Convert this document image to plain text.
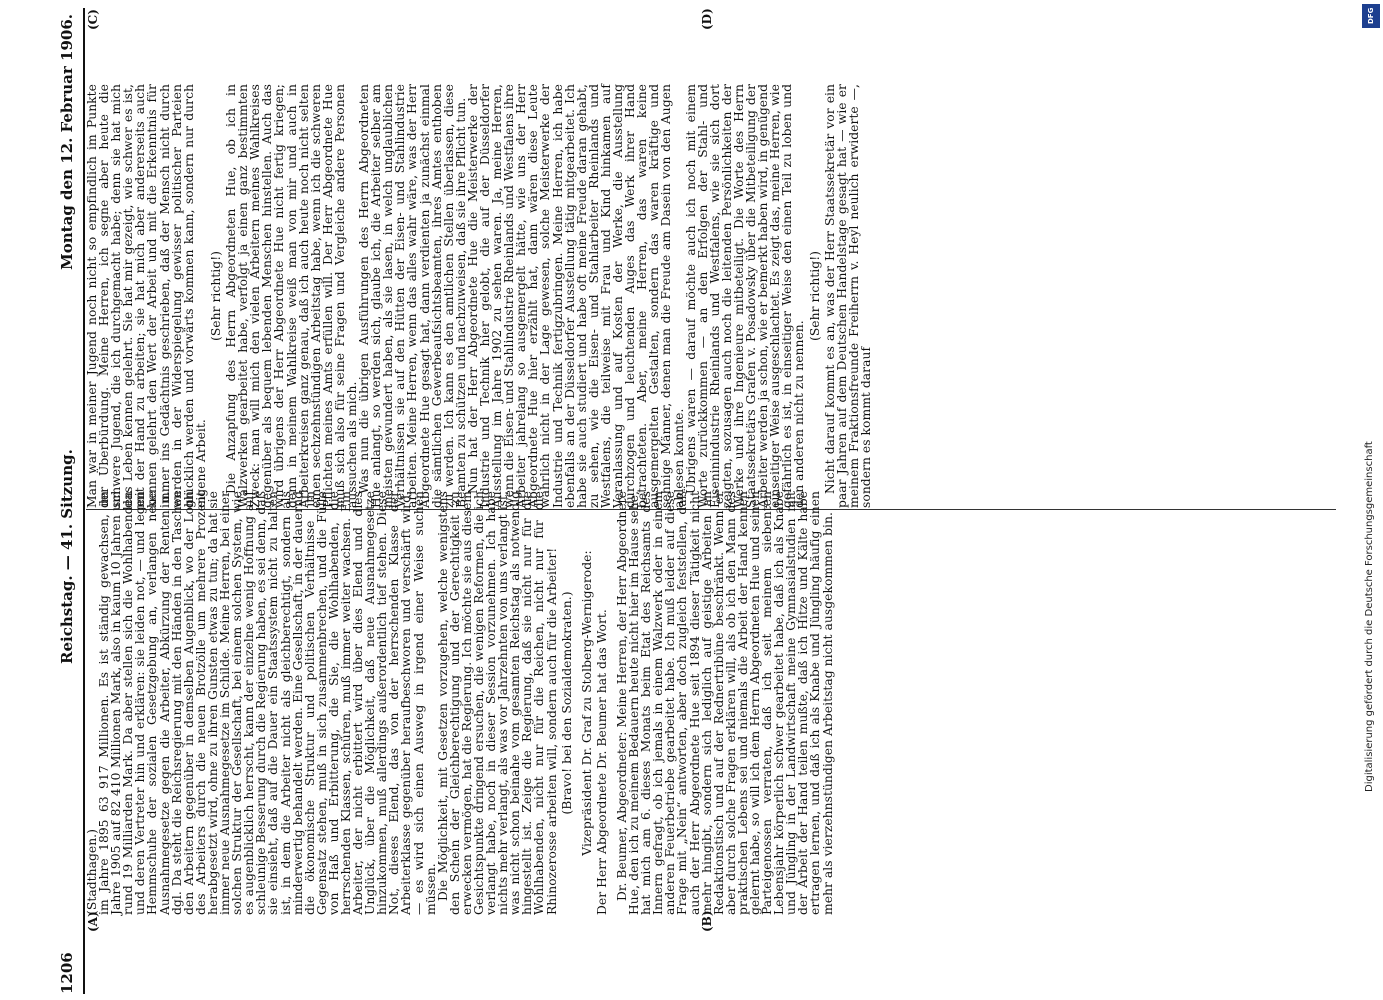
1206
Reichstag. — 41. Sitzung.
Montag den 12. Februar 1906.
(A)	(B)
(C)	(D)

(Stadthagen.)

im Jahre 1895 63 917 Millionen. Es ist ständig gewachsen, im Jahre 1905 auf 82 410 Millionen Mark, also in kaum 10 Jahren um rund 19 Milliarden Mark. Da aber stellen sich die Wohlhabenden und deren Vertreter hin und erklären: sie leiden not, — und legen Hemmschuhe der sozialen Gesetzgebung an, verlangen neue Ausnahmegesetze gegen die Arbeiter, Abkürzung der Renten u. dgl. Da steht die Reichsregierung mit den Händen in den Taschen den Arbeitern gegenüber in demselben Augenblick, wo der Lohn des Arbeiters durch die neuen Brotzölle um mehrere Prozent herabgesetzt wird, ohne zu ihren Gunsten etwas zu tun; da hat sie immer neue Ausnahmegesetze im Schilde. Meine Herren, bei einer solchen Struktur der Gesellschaft, bei einem solchen System, wie es augenblicklich herrscht, kann der einzelne wenig Hoffnung auf schleunige Besserung durch die Regierung haben, es sei denn, daß sie einsieht, daß auf die Dauer ein Staatssystem nicht zu halten ist, in dem die Arbeiter nicht als gleichberechtigt, sondern als minderwertig behandelt werden. Eine Gesellschaft, in der dauernd die ökonomische Struktur und politischen Verhältnisse im Gegensatz stehen, muß in sich zusammenbrechen, und die Fülle von Haß und Erbitterung, die Sie, die Wohlhabenden, die herrschenden Klassen, schüren, muß immer weiter wachsen. Ein Arbeiter, der nicht erbittert wird über dies Elend und dies Unglück, über die Möglichkeit, daß neue Ausnahmegesetze hinzukommen, muß allerdings außerordentlich tief stehen. Diese Not, dieses Elend, das von der herrschenden Klasse der Arbeiterklasse gegenüber heraufbeschworen und verschärft wird, — es wird sich einen Ausweg in irgend einer Weise suchen müssen.

Die Möglichkeit, mit Gesetzen vorzugehen, welche wenigstens den Schein der Gleichberechtigung und der Gerechtigkeit zu erwecken vermögen, hat die Regierung. Ich möchte sie aus diesem Gesichtspunkte dringend ersuchen, die wenigen Reformen, die ich verlangt habe, noch in dieser Session vorzunehmen. Ich habe nichts mehr verlangt, als was vor Jahrzehnten von uns verlangt ist, was nicht schon beinahe vom gesamten Reichstag als notwendig hingestellt ist. Zeige die Regierung, daß sie nicht nur für die Wohlhabenden, nicht nur für die Reichen, nicht nur für die Rhinozerosse arbeiten will, sondern auch für die Arbeiter! (Bravo! bei den Sozialdemokraten.) Vizepräsident Dr. Graf zu Stolberg-Wernigerode: Der Herr Abgeordnete Dr. Beumer hat das Wort. Dr. Beumer, Abgeordneter: Meine Herren, der Herr Abgeordnete Hue, den ich zu meinem Bedauern heute nicht hier im Hause sehe, hat mich am 6. dieses Monats beim Etat des Reichsamts des Innern gefragt, ob ich jemals in einem Walzwerk oder in einem anderen Feuerbetriebe gearbeitet habe. Ich muß leider auf diese Frage mit „Nein“ antworten, aber doch zugleich feststellen, daß auch der Herr Abgeordnete Hue seit 1894 dieser Tätigkeit nicht mehr hingibt, sondern sich lediglich auf geistige Arbeiten an Redaktionstisch und auf der Rednertribüne beschränkt. Wenn er aber durch solche Fragen erklären will, als ob ich den Mann des praktischen Lebens sei und niemals die Arbeit der Hand kennen gelernt habe, so will ich dem Herrn Abgeordneten Hue und seinen Parteigenossen verraten, daß ich seit meinem siebenten Lebensjahr körperlich schwer gearbeitet habe, daß ich als Knabe und Jüngling in der Landwirtschaft meine Gymnasialstudien mit der Arbeit der Hand teilen mußte, daß ich Hitze und Kälte habe ertragen lernen, und daß ich als Knabe und Jüngling häufig einen mehr als vierzehnstündigen Arbeitstag nicht ausgekommen bin.

Man war in meiner Jugend noch nicht so empfindlich im Punkte der Überbürdung. Meine Herren, ich segne aber heute die schwere Jugend, die ich durchgemacht habe; denn sie hat mich das Leben kennen gelehrt. Sie hat mir gezeigt, wie schwer es ist, mit der Hand zu arbeiten; sie hat mich aber andererseits auch kennen gelehrt den Wert der Arbeit und mit die Erkenntnis für immer ins Gedächtnis geschrieben, daß der Mensch nicht durch werden in der Widerspiegelung gewisser politischer Parteien glücklich werden und vorwärts kommen kann, sondern nur durch eigene Arbeit.

(Sehr richtig!) Die Anzapfung des Herrn Abgeordneten Hue, ob ich in Walzwerken gearbeitet habe, verfolgt ja einen ganz bestimmten Zweck: man will mich den vielen Arbeitern meines Wahlkreises gegenüber als bequem lebenden Menschen hinstellen. Auch das wird übrigens der Herr Abgeordnete Hue nicht fertig kriegen; denn in meinem Wahlkreise weiß man von mir und auch in Arbeiterkreisen ganz genau, daß ich auch heute noch nicht selten einen sechzehnstündigen Arbeitstag habe, wenn ich die schweren Pflichten meines Amts erfüllen will. Der Herr Abgeordnete Hue muß sich also für seine Fragen und Vergleiche andere Personen aussuchen als mich.

Was nun die übrigen Ausführungen des Herrn Abgeordneten Hue anlangt, so werden sich, glaube ich, die Arbeiter selber am meisten gewundert haben, als sie lasen, in welch unglaublichen Verhältnissen sie auf den Hütten der Eisen- und Stahlindustrie arbeiten. Meine Herren, wenn das alles wahr wäre, was der Herr Abgeordnete Hue gesagt hat, dann verdienten ja zunächst einmal die sämtlichen Gewerbeaufsichtsbeamten, ihres Amtes enthoben zu werden. Ich kann es den amtlichen Stellen überlassen, diese Beamten zu schützen und nachzuweisen, daß sie ihre Pflicht tun.

Nun hat der Herr Abgeordnete Hue die Meisterwerke der Industrie und Technik hier gelobt, die auf der Düsseldorfer Ausstellung im Jahre 1902 zu sehen waren. Ja, meine Herren, wenn die Eisen- und Stahlindustrie Rheinlands und Westfalens ihre Arbeiter jahrelang so ausgemergelt hätte, wie uns der Herr Abgeordnete Hue hier erzählt hat, dann wären diese Leute wahrlich nicht in der Lage gewesen, solche Meisterwerke der Industrie und Technik fertigzubringen. Meine Herren, ich habe ebenfalls an der Düsseldorfer Ausstellung tätig mitgearbeitet. Ich habe sie auch studiert und habe oft meine Freude daran gehabt, zu sehen, wie die Eisen- und Stahlarbeiter Rheinlands und Westfalens, die teilweise mit Frau und Kind hinkamen auf Veranlassung und auf Kosten der Werke, die Ausstellung durchzogen und leuchtenden Auges das Werk ihrer Hand betrachteten. Aber, meine Herren, das waren keine ausgemergelten Gestalten, sondern das waren kräftige und sehnige Männer, denen man die Freude am Dasein von den Augen ablesen konnte.

Übrigens waren — darauf möchte auch ich noch mit einem Worte zurückkommen — an den Erfolgen der Stahl- und Eiseninindustrie Rheinlands und Westfalens, wie sie sich dort zeigten, sozusagen auch noch die leitenden Persönlichkeiten der Werke und ihre Ingenieure mitbeteiligt. Die Worte des Herrn Staatssekretärs Grafen v. Posadowsky über die Mitbeteiligung der Arbeiter werden ja schon, wie er bemerkt haben wird, in genügend einseitiger Weise ausgeschlachtet. Es zeigt das, meine Herren, wie gefährlich es ist, in einseitiger Weise den einen Teil zu loben und den anderen nicht zu nennen.

(Sehr richtig!) Nicht darauf kommt es an, was der Herr Staatssekretär vor ein paar Jahren auf dem Deutschen Handelstage gesagt hat — wie er meinem Fraktionsfreunde Freiherrn v. Heyl neulich erwiderte —, sondern es kommt darauf

DFG
Digitalisierung gefördert durch die Deutsche Forschungsgemeinschaft
